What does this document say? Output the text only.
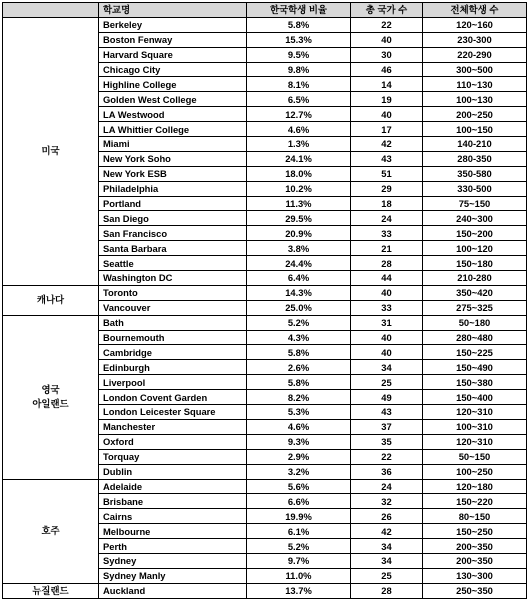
	학교명	한국학생 비율	총 국가 수	전체학생 수

미국	Berkeley	5.8%	22	120~160
	Boston Fenway	15.3%	40	230-300
	Harvard Square	9.5%	30	220-290
	Chicago City	9.8%	46	300~500
	Highline College	8.1%	14	110~130
	Golden West College	6.5%	19	100~130
	LA Westwood	12.7%	40	200~250
	LA Whittier College	4.6%	17	100~150
	Miami	1.3%	42	140-210
	New York Soho	24.1%	43	280-350
	New York ESB	18.0%	51	350-580
	Philadelphia	10.2%	29	330-500
	Portland	11.3%	18	75~150
	San Diego	29.5%	24	240~300
	San Francisco	20.9%	33	150~200
	Santa Barbara	3.8%	21	100~120
	Seattle	24.4%	28	150~180
	Washington DC	6.4%	44	210-280

캐나다	Toronto	14.3%	40	350~420
	Vancouver	25.0%	33	275~325

영국
아일랜드	Bath	5.2%	31	50~180
	Bournemouth	4.3%	40	280~480
	Cambridge	5.8%	40	150~225
	Edinburgh	2.6%	34	150~490
	Liverpool	5.8%	25	150~380
	London Covent Garden	8.2%	49	150~400
	London Leicester Square	5.3%	43	120~310
	Manchester	4.6%	37	100~310
	Oxford	9.3%	35	120~310
	Torquay	2.9%	22	50~150
	Dublin	3.2%	36	100~250

호주	Adelaide	5.6%	24	120~180
	Brisbane	6.6%	32	150~220
	Cairns	19.9%	26	80~150
	Melbourne	6.1%	42	150~250
	Perth	5.2%	34	200~350
	Sydney	9.7%	34	200~350
	Sydney Manly	11.0%	25	130~300

뉴질랜드	Auckland	13.7%	28	250~350
